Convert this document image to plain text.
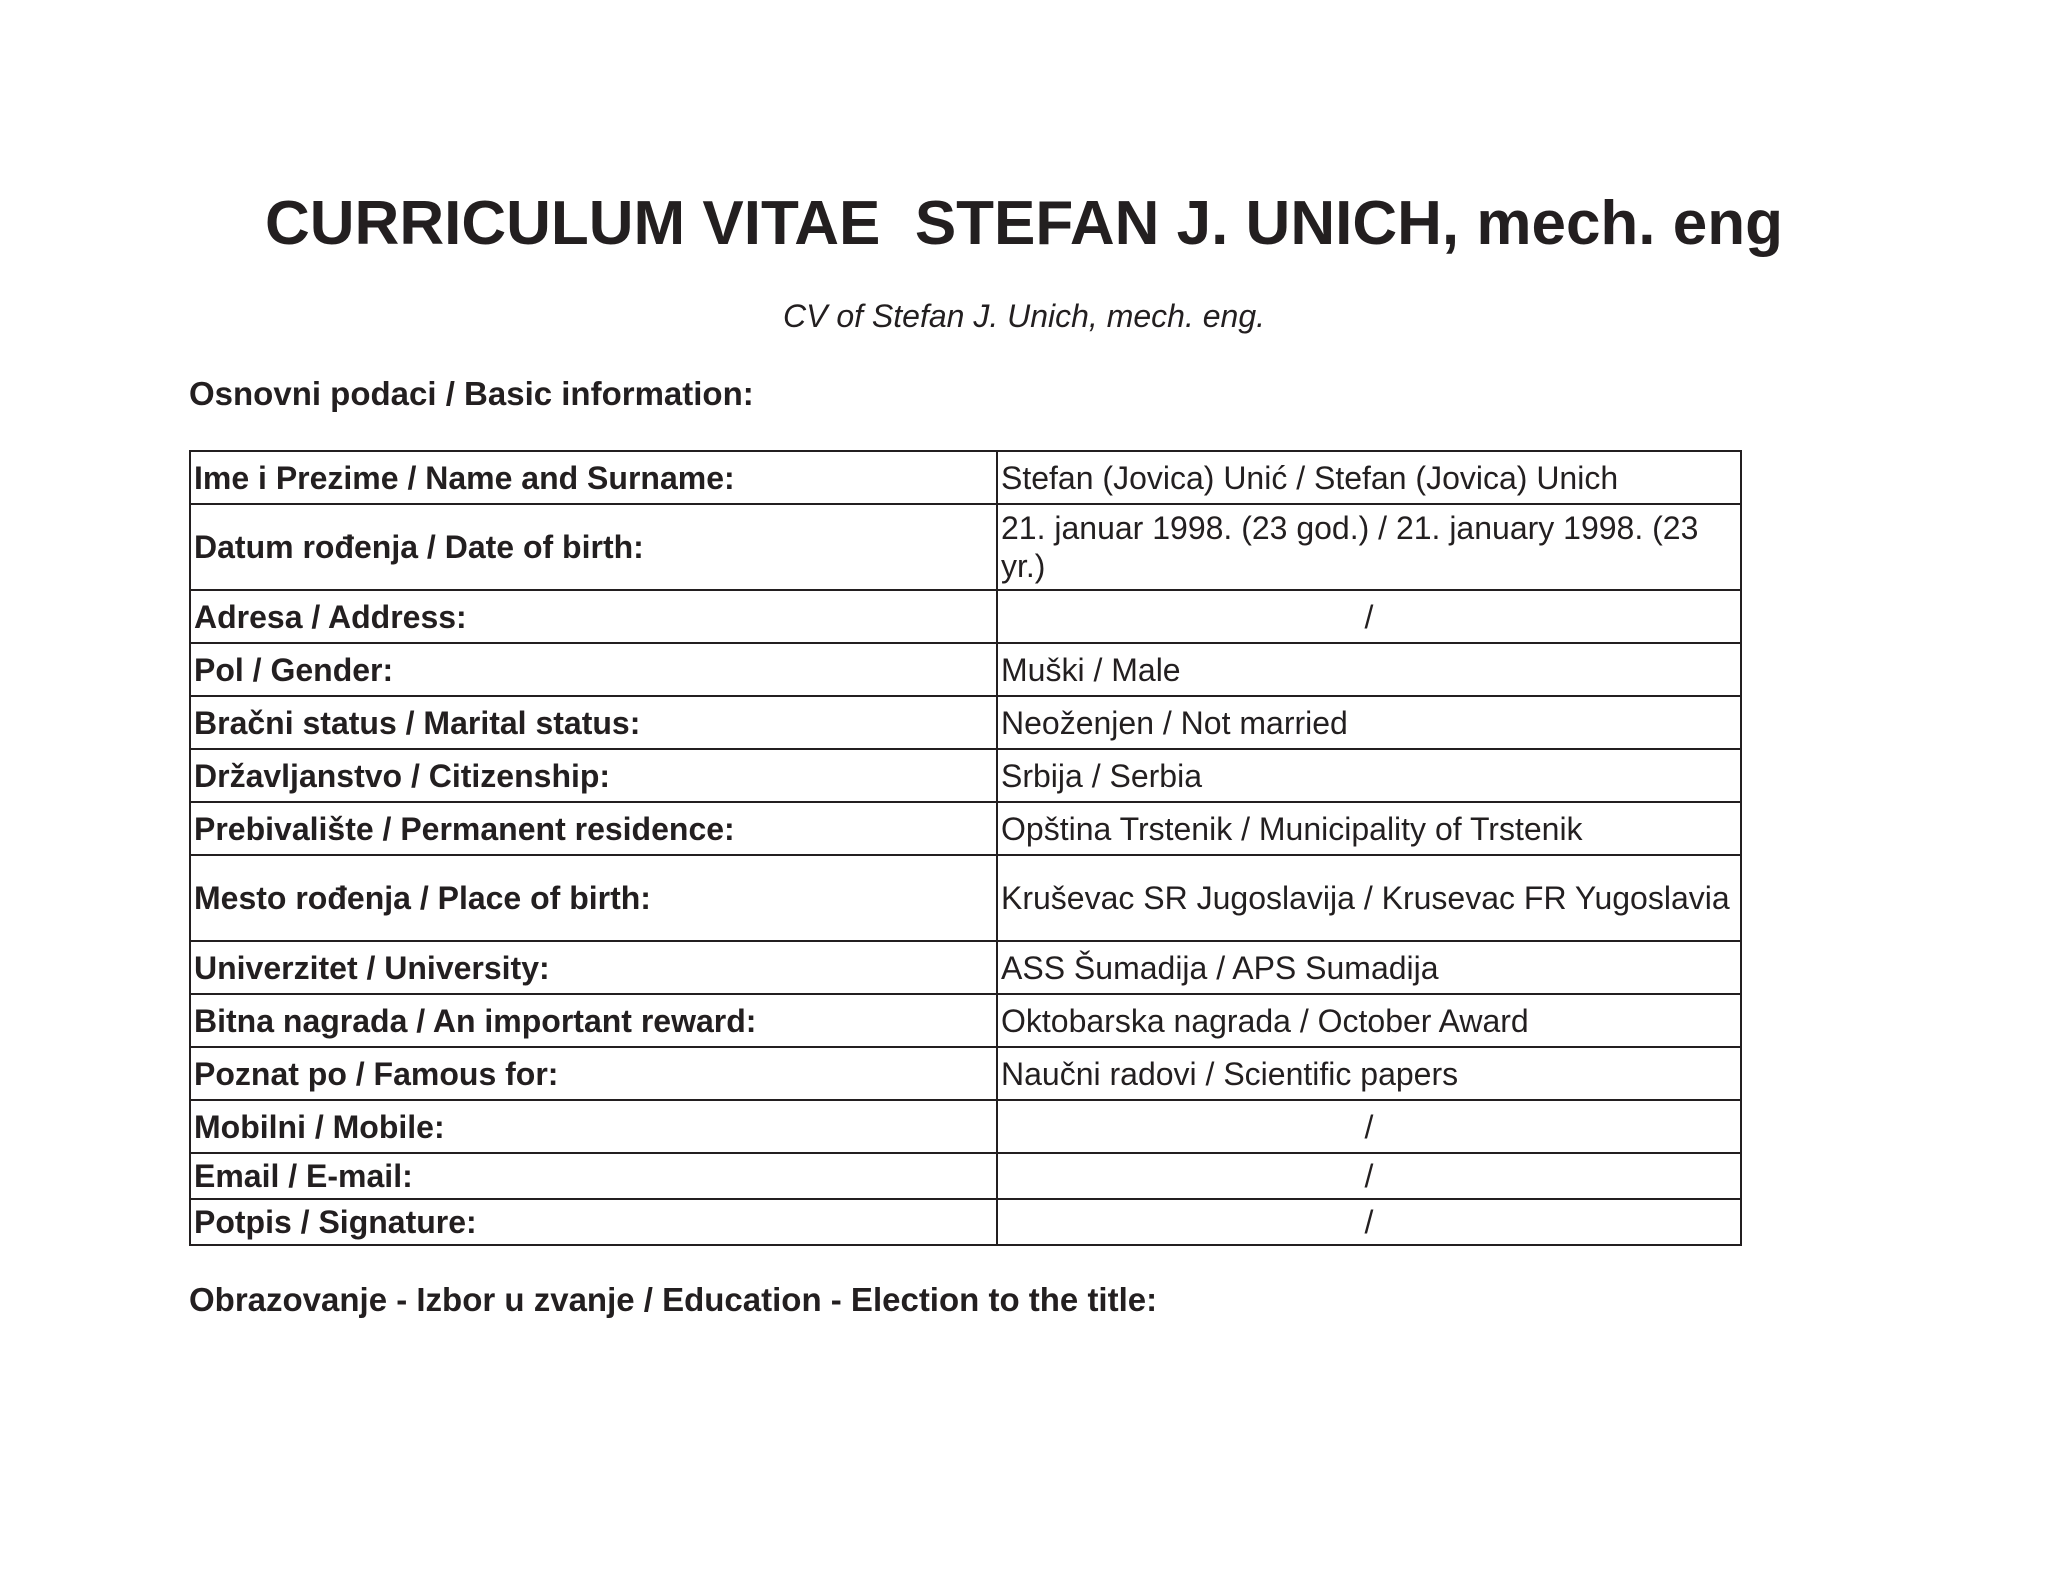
CURRICULUM VITAE  STEFAN J. UNICH, mech. eng
CV of Stefan J. Unich, mech. eng.
Osnovni podaci / Basic information:
Ime i Prezime / Name and Surname:	Stefan (Jovica) Unić / Stefan (Jovica) Unich
Datum rođenja / Date of birth:	21. januar 1998. (23 god.) / 21. january 1998. (23 yr.)
Adresa / Address:	/
Pol / Gender:	Muški / Male
Bračni status / Marital status:	Neoženjen / Not married
Državljanstvo / Citizenship:	Srbija / Serbia
Prebivalište / Permanent residence:	Opština Trstenik / Municipality of Trstenik
Mesto rođenja / Place of birth:	Kruševac SR Jugoslavija / Krusevac FR Yugoslavia
Univerzitet / University:	ASS Šumadija / APS Sumadija
Bitna nagrada / An important reward:	Oktobarska nagrada / October Award
Poznat po / Famous for:	Naučni radovi / Scientific papers
Mobilni / Mobile:	/
Email / E-mail:	/
Potpis / Signature:	/
Obrazovanje - Izbor u zvanje / Education - Election to the title:
